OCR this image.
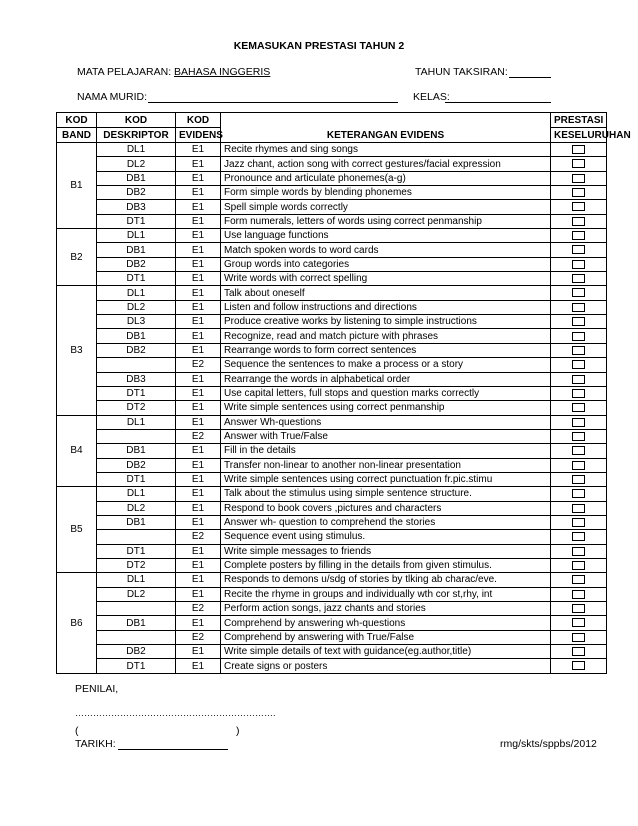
KEMASUKAN PRESTASI TAHUN 2
MATA PELAJARAN: BAHASA INGGERIS	TAHUN TAKSIRAN:
NAMA MURID:	KELAS:
KOD	KOD	KOD	KETERANGAN EVIDENS	PRESTASI
BAND	DESKRIPTOR	EVIDENS		KESELURUHAN
B1	DL1	E1	Recite rhymes and sing songs	
	DL2	E1	Jazz chant, action song with correct gestures/facial expression	
	DB1	E1	Pronounce and articulate phonemes(a-g)	
	DB2	E1	Form simple words by blending phonemes	
	DB3	E1	Spell simple words correctly	
	DT1	E1	Form numerals, letters of words using correct penmanship	
B2	DL1	E1	Use language functions	
	DB1	E1	Match spoken words to word cards	
	DB2	E1	Group words into categories	
	DT1	E1	Write words with correct spelling	
B3	DL1	E1	Talk about oneself	
	DL2	E1	Listen and follow instructions and directions	
	DL3	E1	Produce creative works by listening to simple instructions	
	DB1	E1	Recognize, read and match picture with phrases	
	DB2	E1	Rearrange words to form correct sentences	
		E2	Sequence the sentences to make a process or a story	
	DB3	E1	Rearrange the words in alphabetical order	
	DT1	E1	Use capital letters, full stops and question marks correctly	
	DT2	E1	Write simple sentences using correct penmanship	
B4	DL1	E1	Answer Wh-questions	
		E2	Answer with True/False	
	DB1	E1	Fill in the details	
	DB2	E1	Transfer non-linear to another non-linear presentation	
	DT1	E1	Write simple sentences using correct punctuation fr.pic.stimu	
B5	DL1	E1	Talk about the stimulus using simple sentence structure.	
	DL2	E1	Respond to book covers ,pictures and characters	
	DB1	E1	Answer wh- question to comprehend the stories	
		E2	Sequence event using stimulus.	
	DT1	E1	Write simple messages to friends	
	DT2	E1	Complete posters by filling in the details from given stimulus.	
B6	DL1	E1	Responds to demons u/sdg of stories by tlking ab charac/eve.	
	DL2	E1	Recite the rhyme in groups and individually wth cor st,rhy, int	
		E2	Perform action songs, jazz chants and stories	
	DB1	E1	Comprehend by answering wh-questions	
		E2	Comprehend by answering with True/False	
	DB2	E1	Write simple details of text with guidance(eg.author,title)	
	DT1	E1	Create signs or posters	
PENILAI,
………………………………………………………….
(	)
TARIKH:	rmg/skts/sppbs/2012
